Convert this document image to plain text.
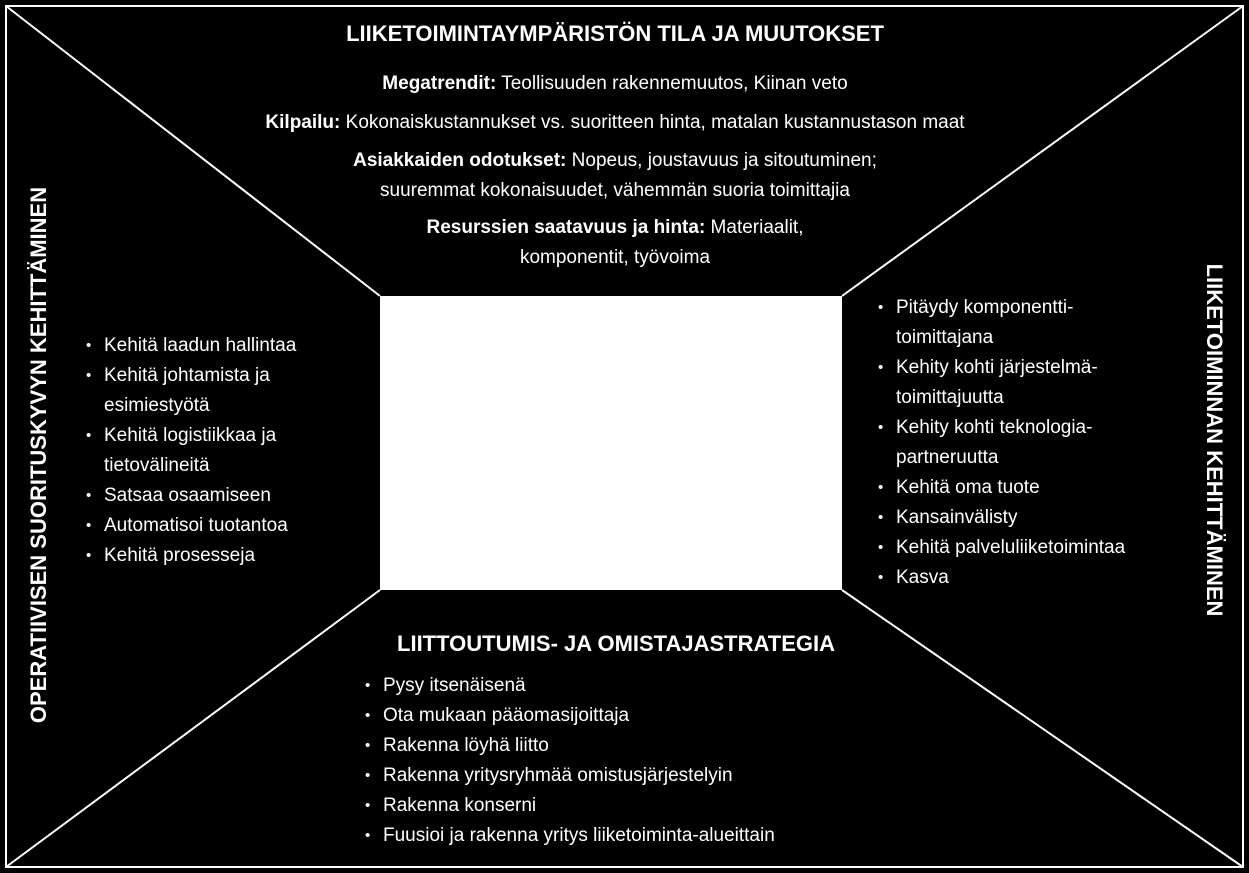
LIIKETOIMINTAYMPÄRISTÖN TILA JA MUUTOKSET
Megatrendit: Teollisuuden rakennemuutos, Kiinan veto
Kilpailu: Kokonaiskustannukset vs. suoritteen hinta, matalan kustannustason maat
Asiakkaiden odotukset: Nopeus, joustavuus ja sitoutuminen;
suuremmat kokonaisuudet, vähemmän suoria toimittajia
Resurssien saatavuus ja hinta: Materiaalit,
komponentit, työvoima
OPERATIIVISEN SUORITUSKYVYN KEHITTÄMINEN
•	Kehitä laadun hallintaa
• Kehitä johtamista ja
esimiestyötä
• Kehitä logistiikkaa ja
tietovälineitä
• Satsaa osaamiseen
• Automatisoi tuotantoa
• Kehitä prosesseja	LIIKETOIMINNAN KEHITTÄMINEN
• Pitäydy komponentti-
toimittajana
• Kehity kohti järjestelmä-
toimittajuutta
• Kehity kohti teknologia-
partneruutta
• Kehitä oma tuote
• Kansainvälisty
• Kehitä palveluliiketoimintaa
• Kasva
LIITTOUTUMIS- JA OMISTAJASTRATEGIA
• Pysy itsenäisenä
• Ota mukaan pääomasijoittaja
• Rakenna löyhä liitto
• Rakenna yritysryhmää omistusjärjestelyin
• Rakenna konserni
• Fuusioi ja rakenna yritys liiketoiminta-alueittain
